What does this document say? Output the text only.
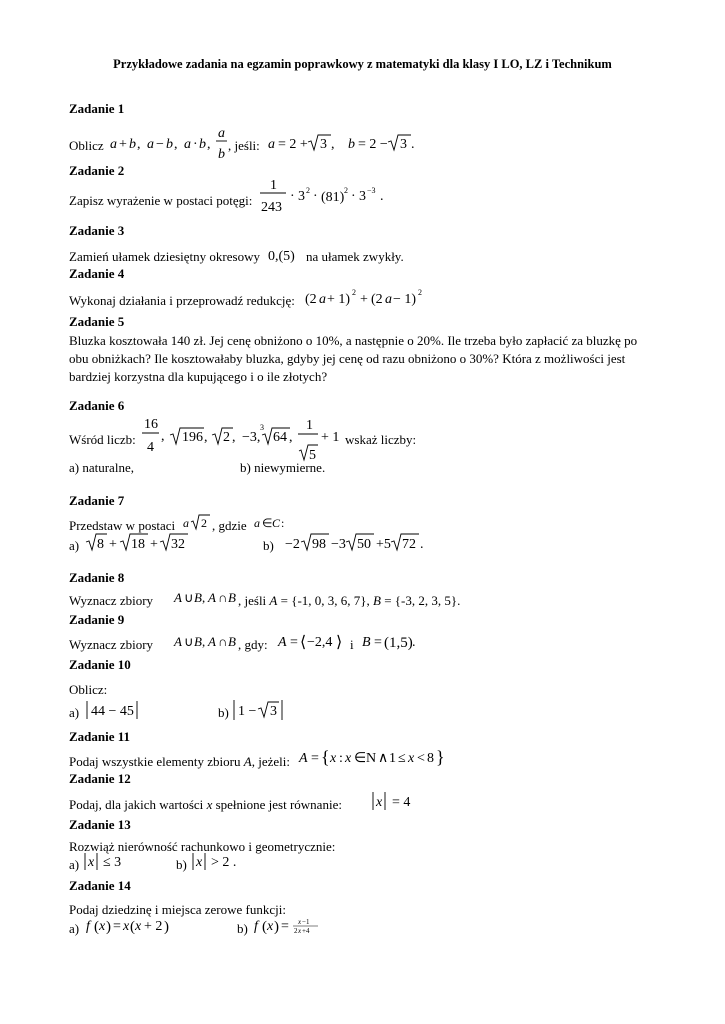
Przykładowe zadania na egzamin poprawkowy z matematyki dla klasy I LO, LZ i Technikum
Zadanie 1
Oblicz a + b , a − b , a · b ,
a
b
, jeśli: a = 2 + 3 , b = 2 − 3 .
Zadanie 2
Zapisz wyrażenie w postaci potęgi:
1
243
· 3 2 · (81) 2 · 3 −3 .
Zadanie 3
Zamień ułamek dziesiętny okresowy 0,(5) na ułamek zwykły.
Zadanie 4
Wykonaj działania i przeprowadź redukcję: (2 a + 1) 2 + (2 a − 1) 2
Zadanie 5
Bluzka kosztowała 140 zł. Jej cenę obniżono o 10%, a następnie o 20%. Ile trzeba było zapłacić za bluzkę po
obu obniżkach? Ile kosztowałaby bluzka, gdyby jej cenę od razu obniżono o 30%? Która z możliwości jest
bardziej korzystna dla kupującego i o ile złotych?
Zadanie 6
Wśród liczb:
16
4
, 196 , 2 , −3,
3
64 ,
1
5
+ 1 wskaż liczby:
a) naturalne,	b) niewymierne.
Zadanie 7
Przedstaw w postaci a 2 , gdzie a ∈ C :
a) 8 + 18 + 32	b) −2 98 −3 50 +5 72 .
Zadanie 8
Wyznacz zbiory A ∪ B , A ∩ B , jeśli A = {-1, 0, 3, 6, 7}, B = {-3, 2, 3, 5}.
Zadanie 9
Wyznacz zbiory A ∪ B , A ∩ B , gdy: A = ⟨ −2,4 ⟩ i B = (1,5) .
Zadanie 10
Oblicz:
a) 44 − 45	b) 1 − 3
Zadanie 11
Podaj wszystkie elementy zbioru A, jeżeli: A = { x : x ∈ N ∧ 1 ≤ x < 8 }
Zadanie 12
Podaj, dla jakich wartości x spełnione jest równanie: x = 4
Zadanie 13
Rozwiąż nierówność rachunkowo i geometrycznie:
a) x ≤ 3	b) x > 2 .
Zadanie 14
Podaj dziedzinę i miejsca zerowe funkcji:
a) f ( x ) = x ( x + 2 )	b) f ( x ) = x −1
2 x +4
